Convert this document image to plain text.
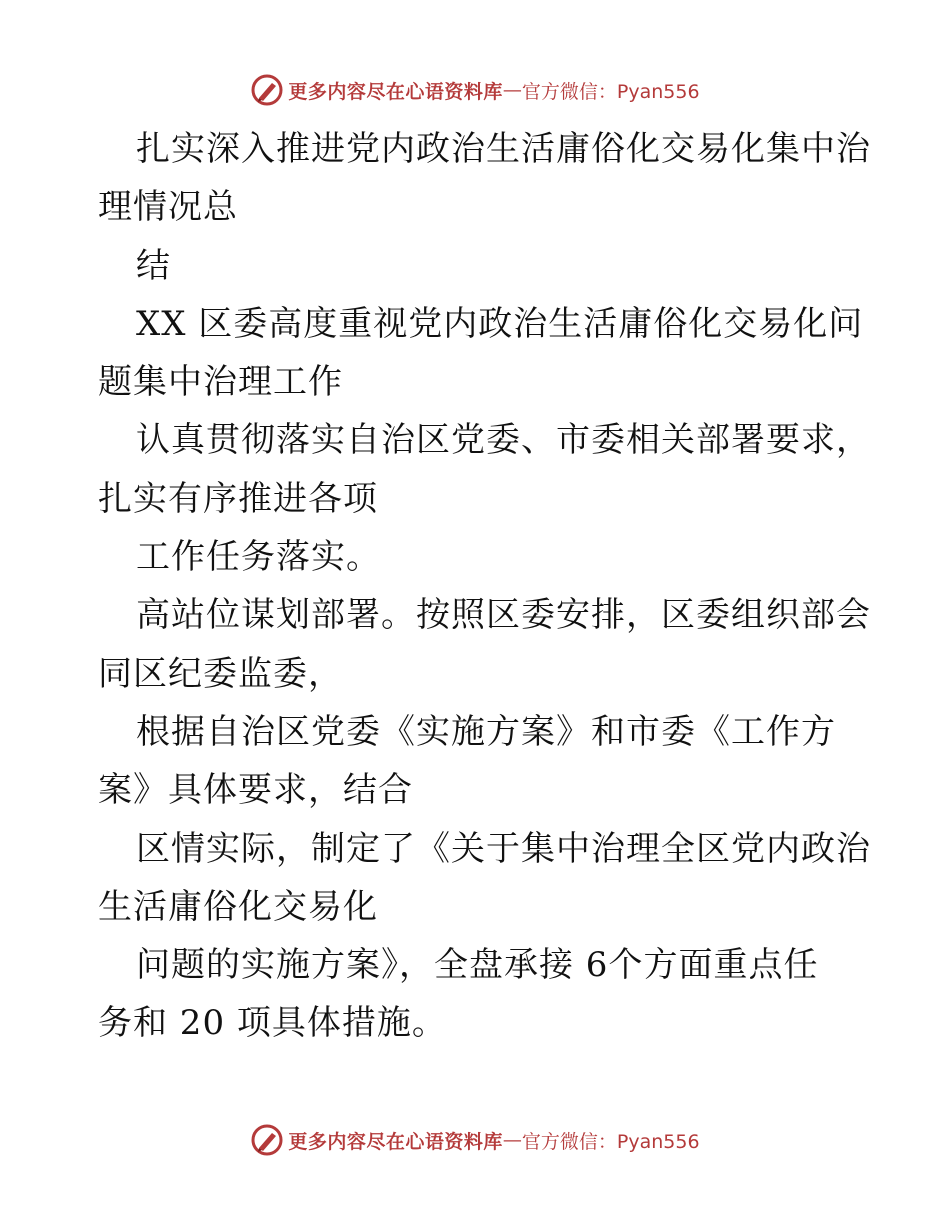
更多内容尽在心语资料库 — 官方微信：Pyan556
扎实深入推进党内政治生活庸俗化交易化集中治
理情况总
结
XX 区委高度重视党内政治生活庸俗化交易化问
题集中治理工作
认真贯彻落实自治区党委、市委相关部署要求，
扎实有序推进各项
工作任务落实。
高站位谋划部署。按照区委安排，区委组织部会
同区纪委监委，
根据自治区党委《实施方案》和市委《工作方
案》具体要求，结合
区情实际，制定了《关于集中治理全区党内政治
生活庸俗化交易化
问题的实施方案》，全盘承接 6个方面重点任
务和 20 项具体措施。
更多内容尽在心语资料库 — 官方微信：Pyan556
